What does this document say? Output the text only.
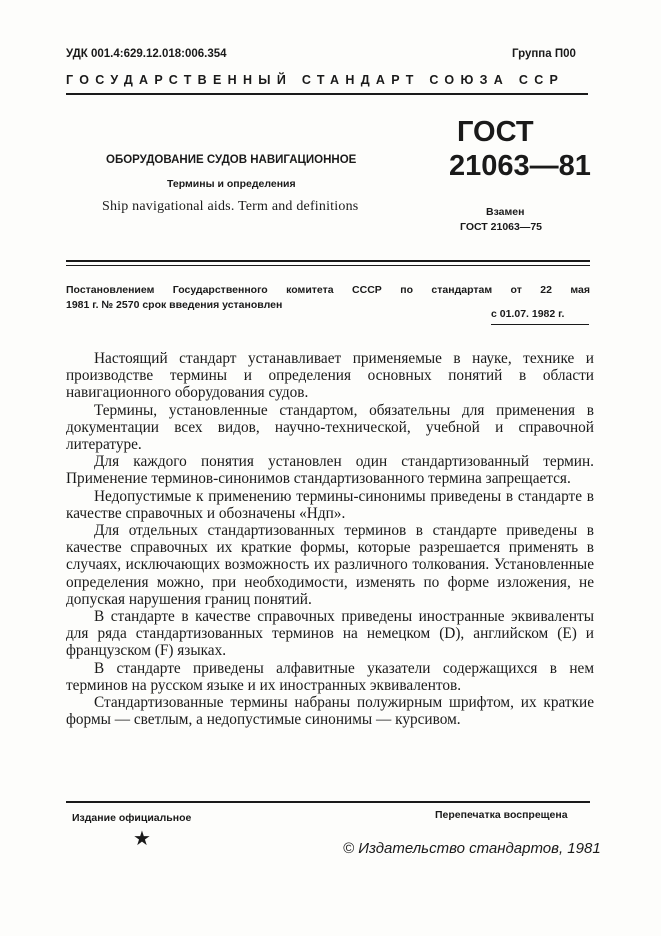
УДК 001.4:629.12.018:006.354	Группа П00
ГОСУДАРСТВЕННЫЙ СТАНДАРТ СОЮЗА ССР
ОБОРУДОВАНИЕ СУДОВ НАВИГАЦИОННОЕ
Термины и определения
Ship navigational aids. Term and definitions
ГОСТ
21063—81
Взамен
ГОСТ 21063—75
Постановлением Государственного комитета СССР по стандартам от 22 мая
1981 г. № 2570 срок введения установлен
с 01.07. 1982 г.

Настоящий стандарт устанавливает применяемые в науке, технике и производстве термины и определения основных понятий в области навигационного оборудования судов.

Термины, установленные стандартом, обязательны для применения в документации всех видов, научно-технической, учебной и справочной литературе.

Для каждого понятия установлен один стандартизованный термин. Применение терминов-синонимов стандартизованного термина запрещается.

Недопустимые к применению термины-синонимы приведены в стандарте в качестве справочных и обозначены «Ндп».

Для отдельных стандартизованных терминов в стандарте приведены в качестве справочных их краткие формы, которые разрешается применять в случаях, исключающих возможность их различного толкования. Установленные определения можно, при необходимости, изменять по форме изложения, не допуская нарушения границ понятий.

В стандарте в качестве справочных приведены иностранные эквиваленты для ряда стандартизованных терминов на немецком (D), английском (E) и французском (F) языках.

В стандарте приведены алфавитные указатели содержащихся в нем терминов на русском языке и их иностранных эквивалентов.

Стандартизованные термины набраны полужирным шрифтом, их краткие формы — светлым, а недопустимые синонимы — курсивом.

Издание официальное	Перепечатка воспрещена
★	© Издательство стандартов, 1981
